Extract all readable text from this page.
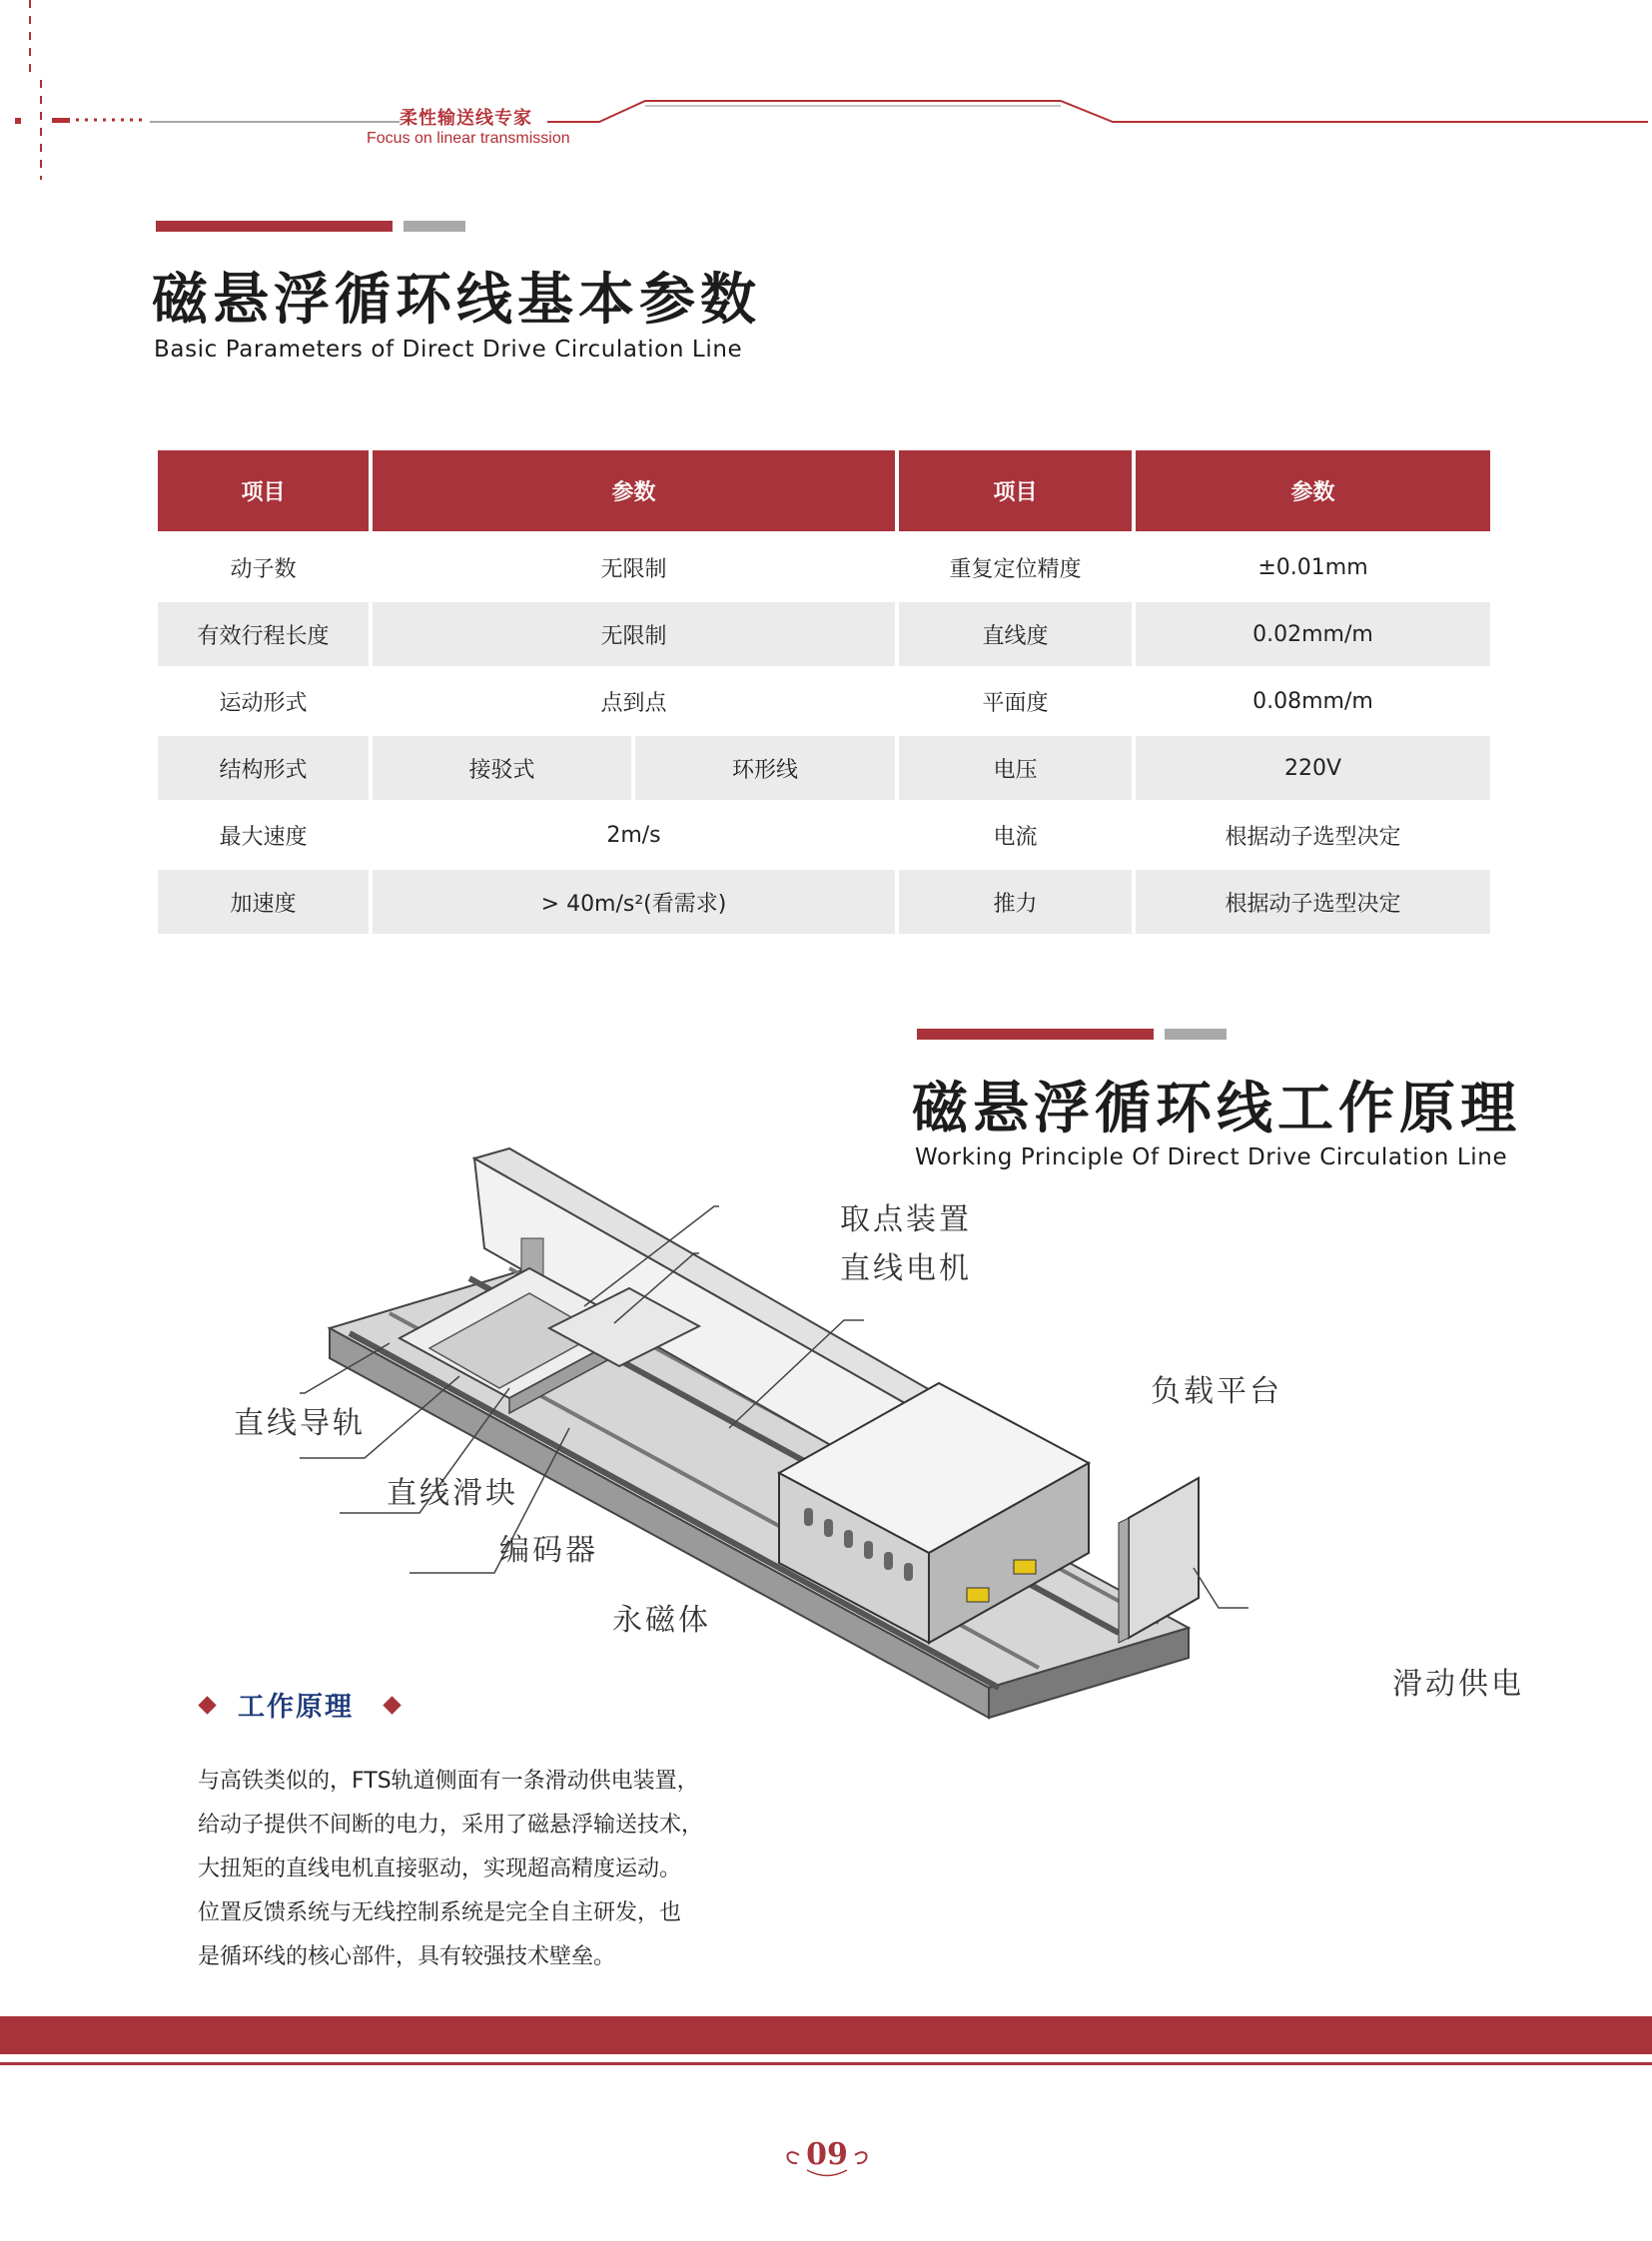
柔性输送线专家
Focus on linear transmission
磁悬浮循环线基本参数
Basic Parameters of Direct Drive Circulation Line
项目	参数	项目	参数
动子数	无限制	重复定位精度	±0.01mm
有效行程长度	无限制	直线度	0.02mm/m
运动形式	点到点	平面度	0.08mm/m
结构形式	接驳式	环形线	电压	220V
最大速度	2m/s	电流	根据动子选型决定
加速度	> 40m/s²(看需求)	推力	根据动子选型决定
磁悬浮循环线工作原理
Working Principle Of Direct Drive Circulation Line
取点装置
直线电机
负载平台
直线导轨
直线滑块
编码器
永磁体
滑动供电
工作原理

与高铁类似的，FTS轨道侧面有一条滑动供电装置，

给动子提供不间断的电力，采用了磁悬浮输送技术，

大扭矩的直线电机直接驱动，实现超高精度运动。

位置反馈系统与无线控制系统是完全自主研发，也

是循环线的核心部件，具有较强技术壁垒。

09
